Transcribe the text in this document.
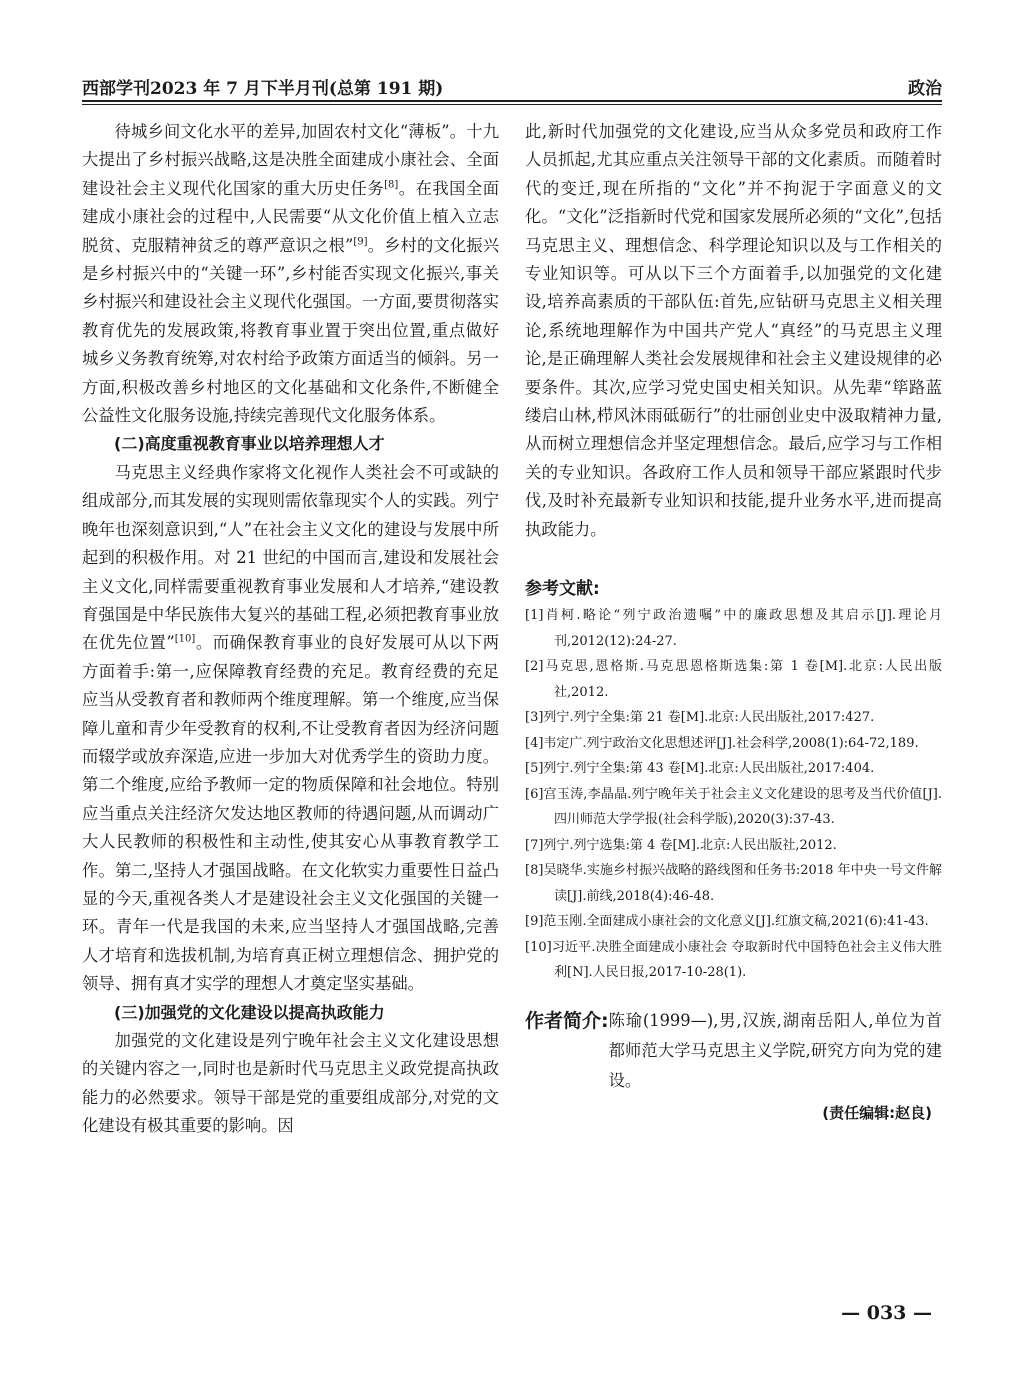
西部学刊2023 年 7 月下半月刊(总第 191 期)	政治

待城乡间文化水平的差异,加固农村文化“薄板”。十九大提出了乡村振兴战略,这是决胜全面建成小康社会、全面建设社会主义现代化国家的重大历史任务[8]。在我国全面建成小康社会的过程中,人民需要“从文化价值上植入立志脱贫、克服精神贫乏的尊严意识之根”[9]。乡村的文化振兴是乡村振兴中的“关键一环”,乡村能否实现文化振兴,事关乡村振兴和建设社会主义现代化强国。一方面,要贯彻落实教育优先的发展政策,将教育事业置于突出位置,重点做好城乡义务教育统筹,对农村给予政策方面适当的倾斜。另一方面,积极改善乡村地区的文化基础和文化条件,不断健全公益性文化服务设施,持续完善现代文化服务体系。

(二)高度重视教育事业以培养理想人才

马克思主义经典作家将文化视作人类社会不可或缺的组成部分,而其发展的实现则需依靠现实个人的实践。列宁晚年也深刻意识到,“人”在社会主义文化的建设与发展中所起到的积极作用。对 21 世纪的中国而言,建设和发展社会主义文化,同样需要重视教育事业发展和人才培养,“建设教育强国是中华民族伟大复兴的基础工程,必须把教育事业放在优先位置”[10]。而确保教育事业的良好发展可从以下两方面着手:第一,应保障教育经费的充足。教育经费的充足应当从受教育者和教师两个维度理解。第一个维度,应当保障儿童和青少年受教育的权利,不让受教育者因为经济问题而辍学或放弃深造,应进一步加大对优秀学生的资助力度。第二个维度,应给予教师一定的物质保障和社会地位。特别应当重点关注经济欠发达地区教师的待遇问题,从而调动广大人民教师的积极性和主动性,使其安心从事教育教学工作。第二,坚持人才强国战略。在文化软实力重要性日益凸显的今天,重视各类人才是建设社会主义文化强国的关键一环。青年一代是我国的未来,应当坚持人才强国战略,完善人才培育和选拔机制,为培育真正树立理想信念、拥护党的领导、拥有真才实学的理想人才奠定坚实基础。

(三)加强党的文化建设以提高执政能力

加强党的文化建设是列宁晚年社会主义文化建设思想的关键内容之一,同时也是新时代马克思主义政党提高执政能力的必然要求。领导干部是党的重要组成部分,对党的文化建设有极其重要的影响。因

此,新时代加强党的文化建设,应当从众多党员和政府工作人员抓起,尤其应重点关注领导干部的文化素质。而随着时代的变迁,现在所指的“文化”并不拘泥于字面意义的文化。“文化”泛指新时代党和国家发展所必须的“文化”,包括马克思主义、理想信念、科学理论知识以及与工作相关的专业知识等。可从以下三个方面着手,以加强党的文化建设,培养高素质的干部队伍:首先,应钻研马克思主义相关理论,系统地理解作为中国共产党人“真经”的马克思主义理论,是正确理解人类社会发展规律和社会主义建设规律的必要条件。其次,应学习党史国史相关知识。从先辈“筚路蓝缕启山林,栉风沐雨砥砺行”的壮丽创业史中汲取精神力量,从而树立理想信念并坚定理想信念。最后,应学习与工作相关的专业知识。各政府工作人员和领导干部应紧跟时代步伐,及时补充最新专业知识和技能,提升业务水平,进而提高执政能力。

参考文献:
[1]肖柯.略论“列宁政治遗嘱”中的廉政思想及其启示[J].理论月刊,2012(12):24-27.
[2]马克思,恩格斯.马克思恩格斯选集:第 1 卷[M].北京:人民出版社,2012.
[3]列宁.列宁全集:第 21 卷[M].北京:人民出版社,2017:427.
[4]韦定广.列宁政治文化思想述评[J].社会科学,2008(1):64-72,189.
[5]列宁.列宁全集:第 43 卷[M].北京:人民出版社,2017:404.
[6]宫玉涛,李晶晶.列宁晚年关于社会主义文化建设的思考及当代价值[J].四川师范大学学报(社会科学版),2020(3):37-43.
[7]列宁.列宁选集:第 4 卷[M].北京:人民出版社,2012.
[8]吴晓华.实施乡村振兴战略的路线图和任务书:2018 年中央一号文件解读[J].前线,2018(4):46-48.
[9]范玉刚.全面建成小康社会的文化意义[J].红旗文稿,2021(6):41-43.
[10]习近平.决胜全面建成小康社会 夺取新时代中国特色社会主义伟大胜利[N].人民日报,2017-10-28(1).
作者简介: 陈瑜(1999—),男,汉族,湖南岳阳人,单位为首都师范大学马克思主义学院,研究方向为党的建设。
(责任编辑:赵良)
— 033 —
